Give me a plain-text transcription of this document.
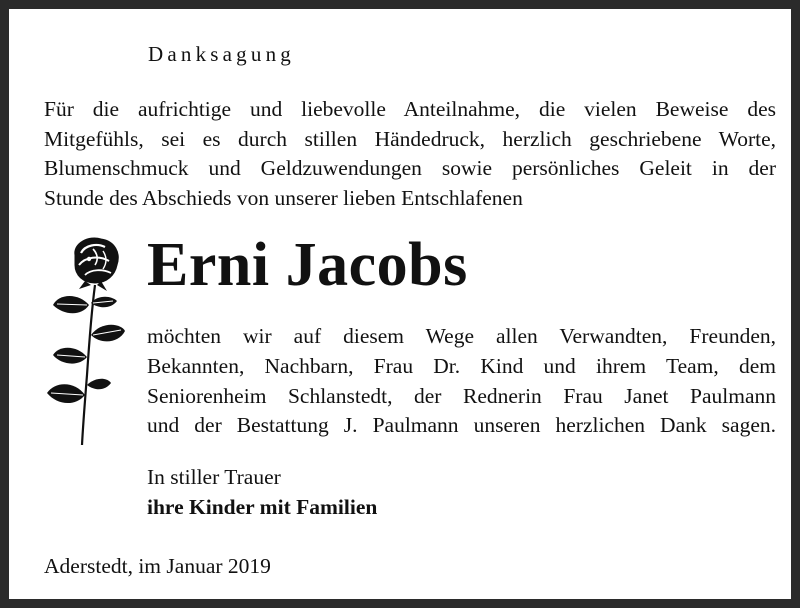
Danksagung
Für die aufrichtige und liebevolle Anteilnahme, die vielen Beweise des
Mitgefühls, sei es durch stillen Händedruck, herzlich geschriebene Worte,
Blumenschmuck und Geldzuwendungen sowie persönliches Geleit in der
Stunde des Abschieds von unserer lieben Entschlafenen
Erni Jacobs
möchten wir auf diesem Wege allen Verwandten, Freunden,
Bekannten, Nachbarn, Frau Dr. Kind und ihrem Team, dem
Seniorenheim Schlanstedt, der Rednerin Frau Janet Paulmann
und der Bestattung J. Paulmann unseren herzlichen Dank sagen.
In stiller Trauer
ihre Kinder mit Familien
Aderstedt, im Januar 2019
